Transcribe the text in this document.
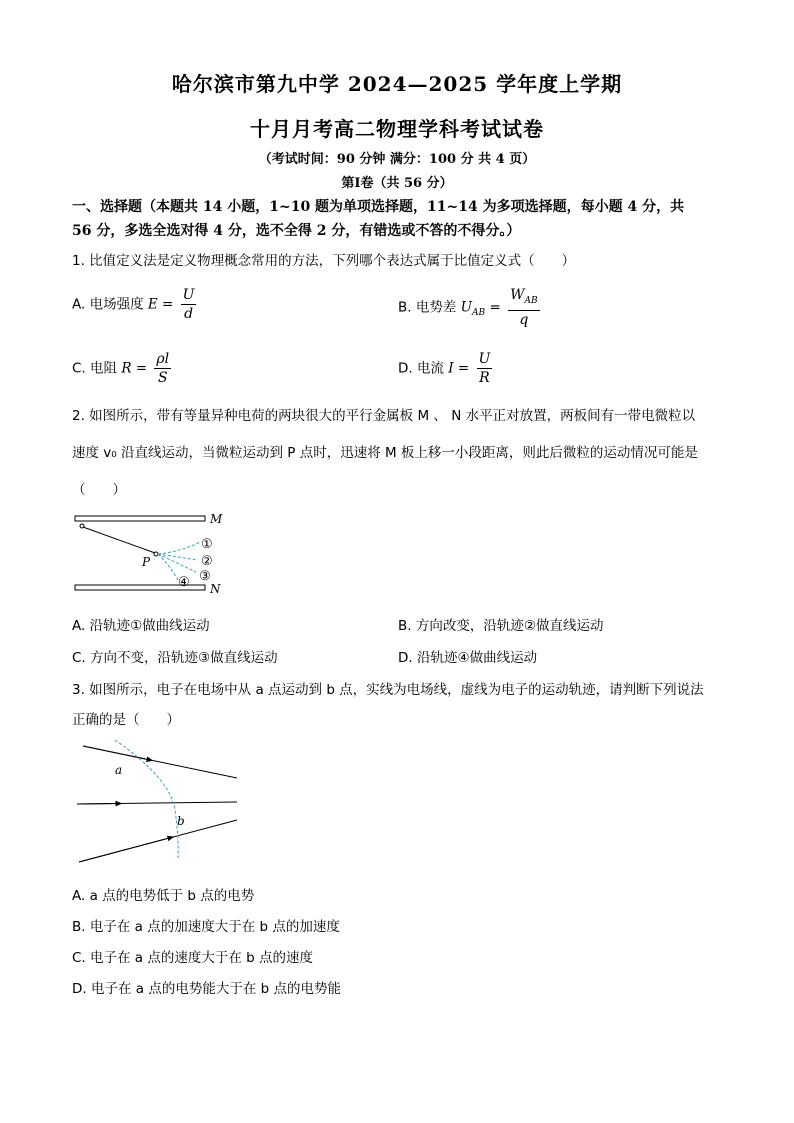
哈尔滨市第九中学 2024—2025 学年度上学期
十月月考高二物理学科考试试卷
（考试时间：90 分钟 满分：100 分 共 4 页）
第Ⅰ卷（共 56 分）
一、选择题（本题共 14 小题，1~10 题为单项选择题，11~14 为多项选择题，每小题 4 分，共
56 分，多选全选对得 4 分，选不全得 2 分，有错选或不答的不得分。）
1. 比值定义法是定义物理概念常用的方法，下列哪个表达式属于比值定义式（　　）
A. 电场强度 $E = \frac{U}{d}$	B. 电势差 $U_{AB} = \frac{W_{AB}}{q}$
C. 电阻 $R = \frac{\rho l}{S}$	D. 电流 $I = \frac{U}{R}$
2. 如图所示，带有等量异种电荷的两块很大的平行金属板 M 、 N 水平正对放置，两板间有一带电微粒以
速度 v₀ 沿直线运动，当微粒运动到 P 点时，迅速将 M 板上移一小段距离，则此后微粒的运动情况可能是
（　　）
M
N
P
①
②
③
④
A. 沿轨迹①做曲线运动	B. 方向改变，沿轨迹②做直线运动
C. 方向不变，沿轨迹③做直线运动	D. 沿轨迹④做曲线运动
3. 如图所示，电子在电场中从 a 点运动到 b 点，实线为电场线，虚线为电子的运动轨迹，请判断下列说法
正确的是（　　）
a
b
A. a 点的电势低于 b 点的电势
B. 电子在 a 点的加速度大于在 b 点的加速度
C. 电子在 a 点的速度大于在 b 点的速度
D. 电子在 a 点的电势能大于在 b 点的电势能
